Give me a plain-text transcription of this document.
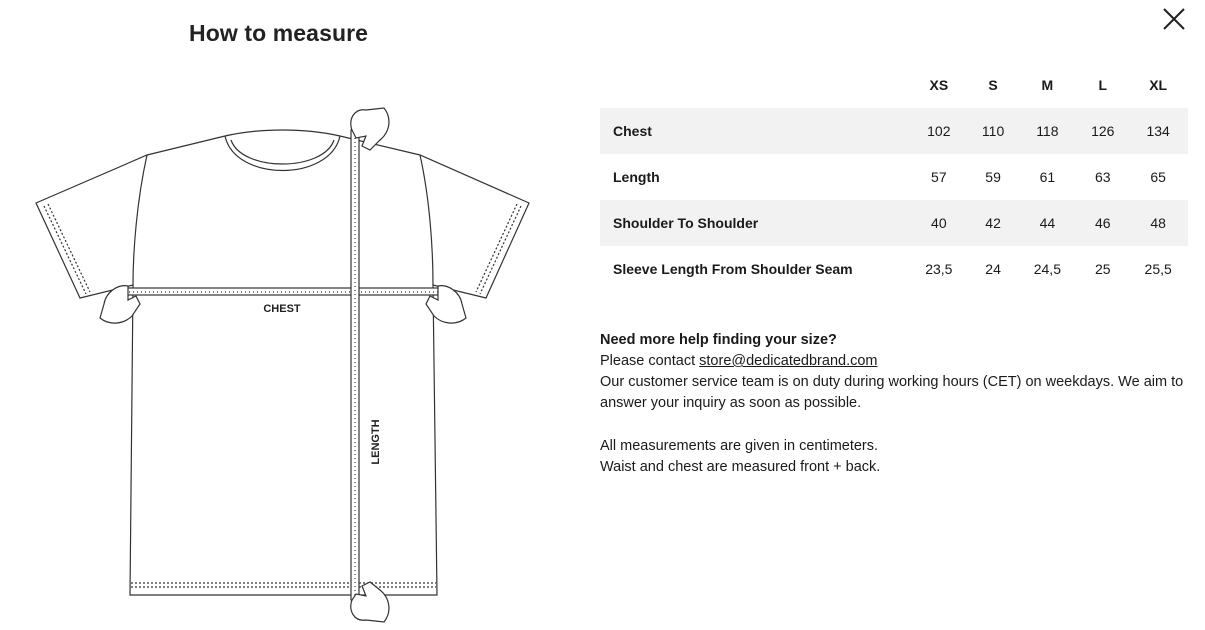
How to measure
CHEST
LENGTH
	XS	S	M	L	XL
Chest	102	110	118	126	134
Length	57	59	61	63	65
Shoulder To Shoulder	40	42	44	46	48
Sleeve Length From Shoulder Seam	23,5	24	24,5	25	25,5

Need more help finding your size?

Please contact store@dedicatedbrand.com

Our customer service team is on duty during working hours (CET) on weekdays. We aim to answer your inquiry as soon as possible.

All measurements are given in centimeters.

Waist and chest are measured front + back.
